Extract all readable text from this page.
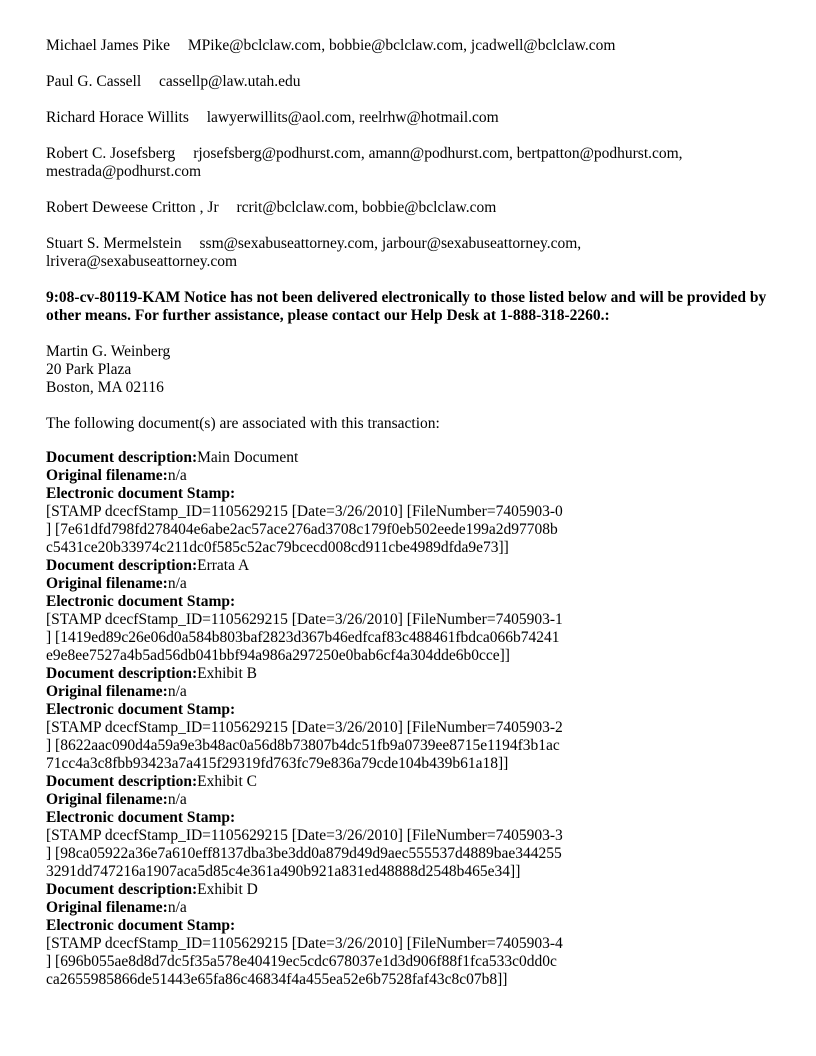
Michael James Pike MPike@bclclaw.com, bobbie@bclclaw.com, jcadwell@bclclaw.com
Paul G. Cassell cassellp@law.utah.edu
Richard Horace Willits lawyerwillits@aol.com, reelrhw@hotmail.com
Robert C. Josefsberg rjosefsberg@podhurst.com, amann@podhurst.com, bertpatton@podhurst.com, mestrada@podhurst.com
Robert Deweese Critton , Jr rcrit@bclclaw.com, bobbie@bclclaw.com
Stuart S. Mermelstein ssm@sexabuseattorney.com, jarbour@sexabuseattorney.com, lrivera@sexabuseattorney.com
9:08-cv-80119-KAM Notice has not been delivered electronically to those listed below and will be provided by other means. For further assistance, please contact our Help Desk at 1-888-318-2260.:
Martin G. Weinberg
20 Park Plaza
Boston, MA 02116
The following document(s) are associated with this transaction:
Document description:Main Document
Original filename:n/a
Electronic document Stamp:
[STAMP dcecfStamp_ID=1105629215 [Date=3/26/2010] [FileNumber=7405903-0
] [7e61dfd798fd278404e6abe2ac57ace276ad3708c179f0eb502eede199a2d97708b
c5431ce20b33974c211dc0f585c52ac79bcecd008cd911cbe4989dfda9e73]]
Document description:Errata A
Original filename:n/a
Electronic document Stamp:
[STAMP dcecfStamp_ID=1105629215 [Date=3/26/2010] [FileNumber=7405903-1
] [1419ed89c26e06d0a584b803baf2823d367b46edfcaf83c488461fbdca066b74241
e9e8ee7527a4b5ad56db041bbf94a986a297250e0bab6cf4a304dde6b0cce]]
Document description:Exhibit B
Original filename:n/a
Electronic document Stamp:
[STAMP dcecfStamp_ID=1105629215 [Date=3/26/2010] [FileNumber=7405903-2
] [8622aac090d4a59a9e3b48ac0a56d8b73807b4dc51fb9a0739ee8715e1194f3b1ac
71cc4a3c8fbb93423a7a415f29319fd763fc79e836a79cde104b439b61a18]]
Document description:Exhibit C
Original filename:n/a
Electronic document Stamp:
[STAMP dcecfStamp_ID=1105629215 [Date=3/26/2010] [FileNumber=7405903-3
] [98ca05922a36e7a610eff8137dba3be3dd0a879d49d9aec555537d4889bae344255
3291dd747216a1907aca5d85c4e361a490b921a831ed48888d2548b465e34]]
Document description:Exhibit D
Original filename:n/a
Electronic document Stamp:
[STAMP dcecfStamp_ID=1105629215 [Date=3/26/2010] [FileNumber=7405903-4
] [696b055ae8d8d7dc5f35a578e40419ec5cdc678037e1d3d906f88f1fca533c0dd0c
ca2655985866de51443e65fa86c46834f4a455ea52e6b7528faf43c8c07b8]]
